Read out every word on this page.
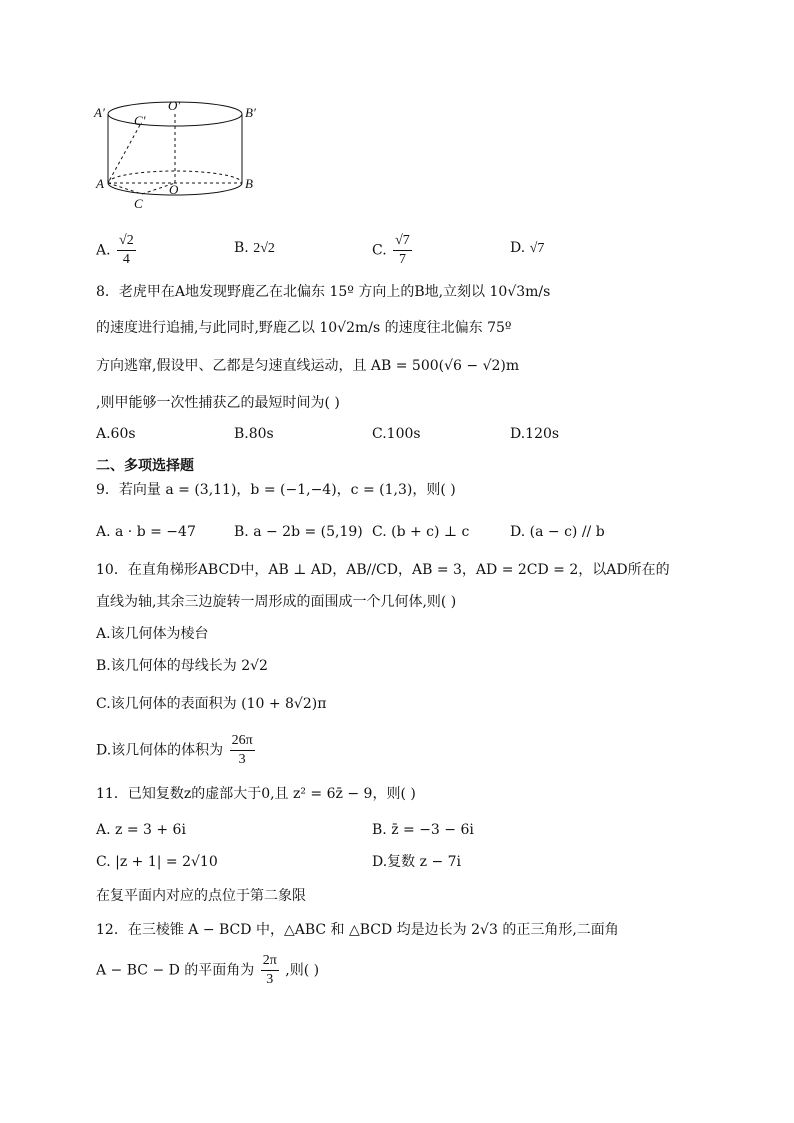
A′	O′	B′
C′
A	O	B
C
A. $\frac{√2}{4}$	B. 2√2	C. $\frac{√7}{7}$	D. √7
8．老虎甲在A地发现野鹿乙在北偏东 15º 方向上的B地,立刻以 10√3m/s
的速度进行追捕,与此同时,野鹿乙以 10√2m/s 的速度往北偏东 75º
方向逃窜,假设甲、乙都是匀速直线运动，且 AB = 500(√6 − √2)m
,则甲能够一次性捕获乙的最短时间为( )
A.60s	B.80s	C.100s	D.120s
二、多项选择题
9．若向量 a = (3,11)，b = (−1,−4)，c = (1,3)，则( )
A. a · b = −47	B. a − 2b = (5,19) C. (b + c) ⊥ c	D. (a − c) // b
10．在直角梯形ABCD中，AB ⊥ AD，AB//CD，AB = 3，AD = 2CD = 2，以AD所在的
直线为轴,其余三边旋转一周形成的面围成一个几何体,则( )
A.该几何体为棱台
B.该几何体的母线长为 2√2
C.该几何体的表面积为 (10 + 8√2)π
D.该几何体的体积为 $\frac{26\pi}{3}$
11．已知复数z的虚部大于0,且 z² = 6z̄ − 9，则( )
A. z = 3 + 6i	B. z̄ = −3 − 6i
C. |z + 1| = 2√10	D.复数 z − 7i
在复平面内对应的点位于第二象限
12．在三棱锥 A − BCD 中，△ABC 和 △BCD 均是边长为 2√3 的正三角形,二面角
A − BC − D 的平面角为 $\frac{2\pi}{3}$ ,则( )
